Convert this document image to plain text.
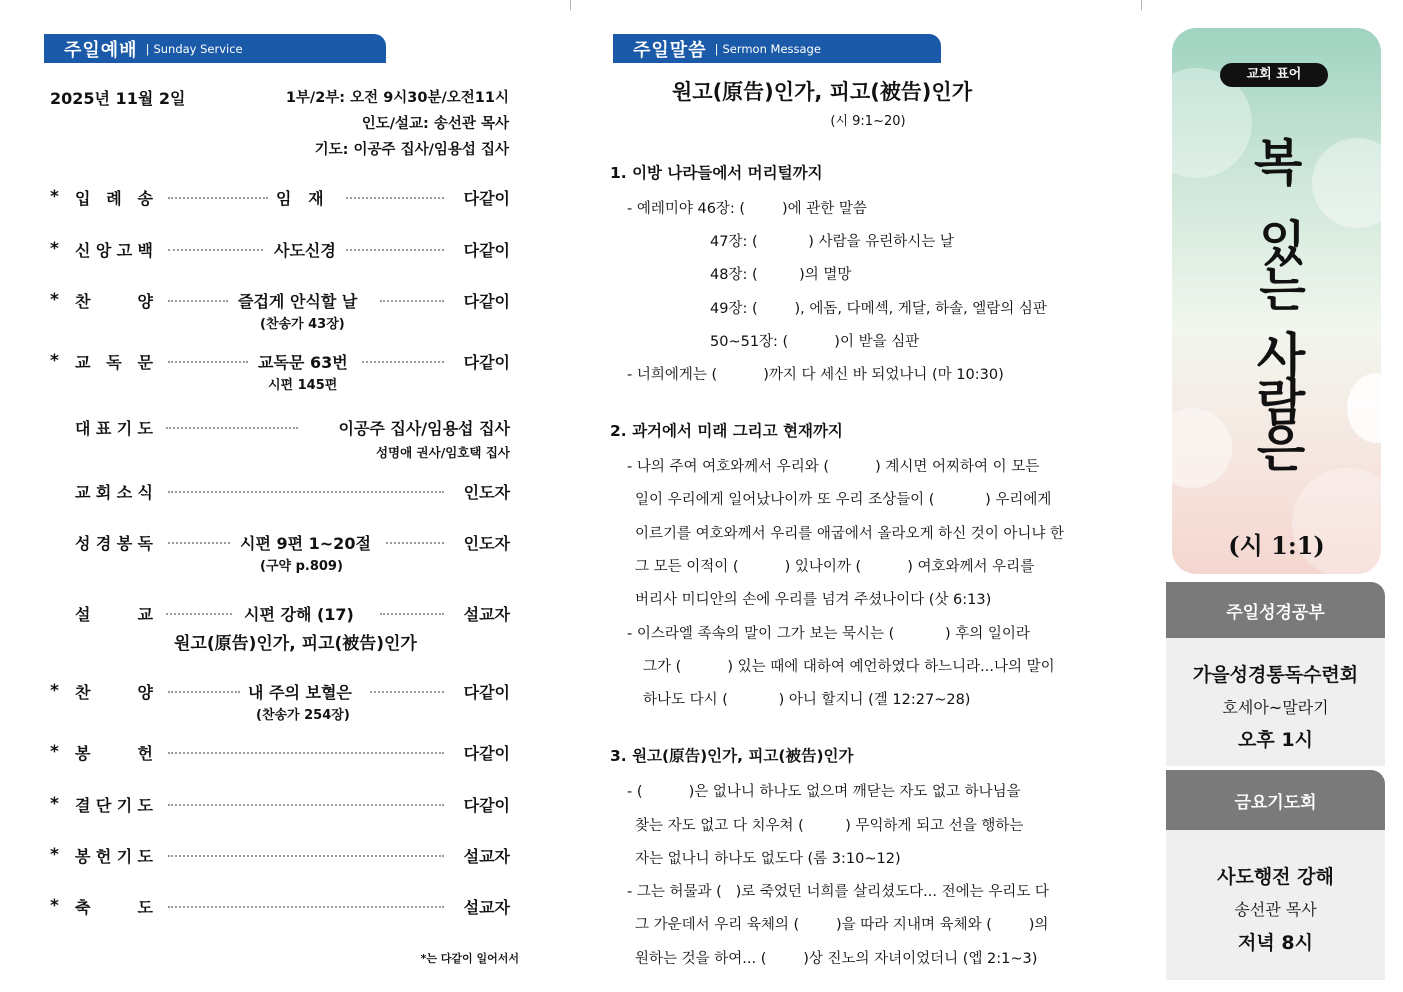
주일예배	| Sunday Service
2025년 11월 2일	1부/2부: 오전 9시30분/오전11시
인도/설교: 송선관 목사
기도: 이공주 집사/임용섭 집사
* 입 례 송	임   재	다같이
* 신 앙 고 백	사도신경	다같이
* 찬	양	즐겁게 안식할 날	다같이
(찬송가 43장)
* 교 독 문	교독문 63번	다같이
시편 145편
대 표 기 도	이공주 집사/임용섭 집사
성명애 권사/임호택 집사
교 회 소 식	인도자
성 경 봉 독	시편 9편 1~20절	인도자
(구약 p.809)
설	교	시편 강해 (17)	설교자
원고(原告)인가, 피고(被告)인가
* 찬	양	내 주의 보혈은	다같이
(찬송가 254장)
* 봉	헌	다같이
* 결 단 기 도	다같이
* 봉 헌 기 도	설교자
* 축	도	설교자
*는 다같이 일어서서
주일말씀	| Sermon Message
원고(原告)인가, 피고(被告)인가
(시 9:1~20)
1. 이방 나라들에서 머리털까지
- 예레미야 46장: (        )에 관한 말씀
47장: (           ) 사람을 유린하시는 날
48장: (         )의 멸망
49장: (        ), 에돔, 다메섹, 게달, 하솔, 엘람의 심판
50~51장: (          )이 받을 심판
- 너희에게는 (          )까지 다 세신 바 되었나니 (마 10:30)
2. 과거에서 미래 그리고 현재까지
- 나의 주여 여호와께서 우리와 (          ) 계시면 어찌하여 이 모든
일이 우리에게 일어났나이까 또 우리 조상들이 (           ) 우리에게
이르기를 여호와께서 우리를 애굽에서 올라오게 하신 것이 아니냐 한
그 모든 이적이 (          ) 있나이까 (          ) 여호와께서 우리를
버리사 미디안의 손에 우리를 넘겨 주셨나이다 (삿 6:13)
- 이스라엘 족속의 말이 그가 보는 묵시는 (           ) 후의 일이라
그가 (          ) 있는 때에 대하여 예언하였다 하느니라...나의 말이
하나도 다시 (           ) 아니 할지니 (겔 12:27~28)
3. 원고(原告)인가, 피고(被告)인가
- (          )은 없나니 하나도 없으며 깨닫는 자도 없고 하나님을
찾는 자도 없고 다 치우쳐 (         ) 무익하게 되고 선을 행하는
자는 없나니 하나도 없도다 (롬 3:10~12)
- 그는 허물과 (   )로 죽었던 너희를 살리셨도다... 전에는 우리도 다
그 가운데서 우리 육체의 (        )을 따라 지내며 육체와 (        )의
원하는 것을 하여... (        )상 진노의 자녀이었더니 (엡 2:1~3)
교회 표어
복
있는
사람은
(시 1:1)
주일성경공부
가을성경통독수련회
호세아~말라기
오후 1시
금요기도회
사도행전 강해
송선관 목사
저녁 8시
